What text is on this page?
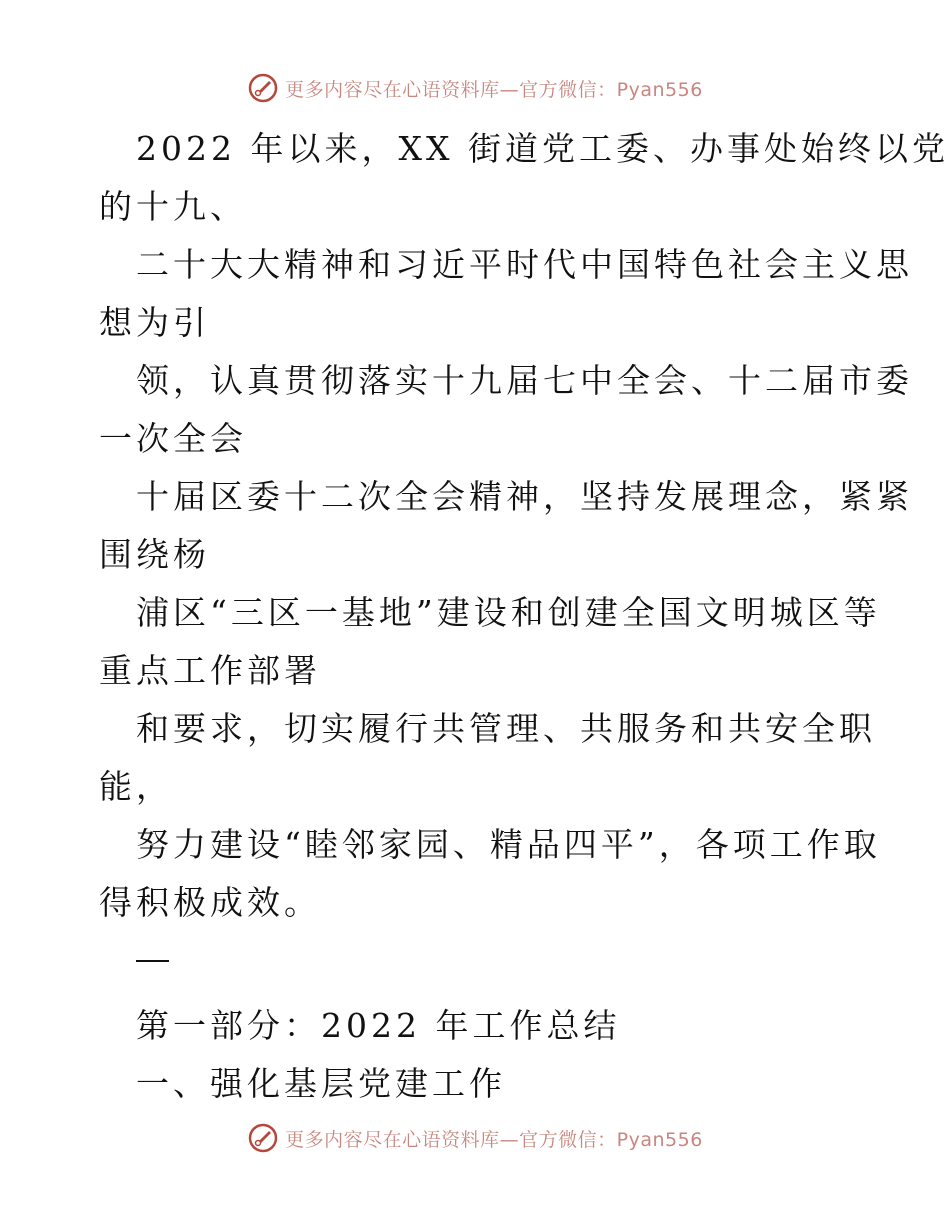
更多内容尽在心语资料库—官方微信：Pyan556
2022 年以来，XX 街道党工委、办事处始终以党
的十九、
二十大大精神和习近平时代中国特色社会主义思
想为引
领，认真贯彻落实十九届七中全会、十二届市委
一次全会
十届区委十二次全会精神，坚持发展理念，紧紧
围绕杨
浦区“三区一基地”建设和创建全国文明城区等
重点工作部署
和要求，切实履行共管理、共服务和共安全职
能，
努力建设“睦邻家园、精品四平”，各项工作取
得积极成效。
第一部分：2022 年工作总结
一、强化基层党建工作
更多内容尽在心语资料库—官方微信：Pyan556
